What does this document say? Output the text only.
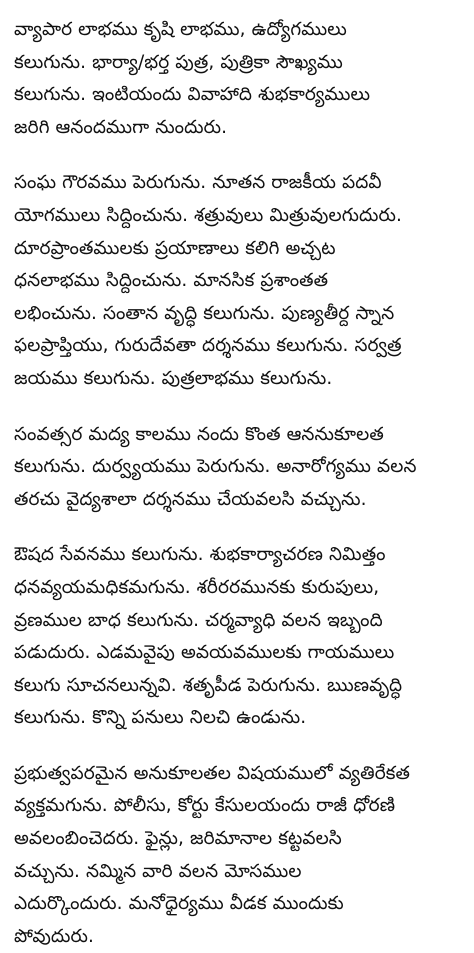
వ్యాపార లాభము కృషి లాభము, ఉద్యోగములు
కలుగును. భార్యా/భర్త పుత్ర, పుత్రికా సౌఖ్యము
కలుగును. ఇంటియందు వివాహాది శుభకార్యములు
జరిగి ఆనందముగా నుందురు.
సంఘ గౌరవము పెరుగును. నూతన రాజకీయ పదవీ
యోగములు సిద్దించును. శత్రువులు మిత్రువులగుదురు.
దూరప్రాంతములకు ప్రయాణాలు కలిగి అచ్చట
ధనలాభము సిద్దించును. మానసిక ప్రశాంతత
లభించును. సంతాన వృద్ధి కలుగును. పుణ్యతీర్ద స్నాన
ఫలప్రాప్తియు, గురుదేవతా దర్శనము కలుగును. సర్వత్ర
జయము కలుగును. పుత్రలాభము కలుగును.
సంవత్సర మద్య కాలము నందు కొంత ఆననుకూలత
కలుగును. దుర్వ్యయము పెరుగును. అనారోగ్యము వలన
తరచు వైద్యశాలా దర్శనము చేయవలసి వచ్చును.
ఔషద సేవనము కలుగును. శుభకార్యాచరణ నిమిత్తం
ధనవ్యయమధికమగును. శరీరరమునకు కురుపులు,
వ్రణముల బాధ కలుగును. చర్మవ్యాధి వలన ఇబ్బంది
పడుదురు. ఎడమవైపు అవయవములకు గాయములు
కలుగు సూచనలున్నవి. శతృపీడ పెరుగును. ఋణవృద్ధి
కలుగును. కొన్ని పనులు నిలచి ఉండును.
ప్రభుత్వపరమైన అనుకూలతల విషయములో వ్యతిరేకత
వ్యక్తమగును. పోలీసు, కోర్టు కేసులయందు రాజీ ధోరణి
అవలంబించెదరు. ఫైన్లు, జరిమానాల కట్టవలసి
వచ్చును. నమ్మిన వారి వలన మోసముల
ఎదుర్కొందురు. మనోధైర్యము వీడక ముందుకు
పోవుదురు.
